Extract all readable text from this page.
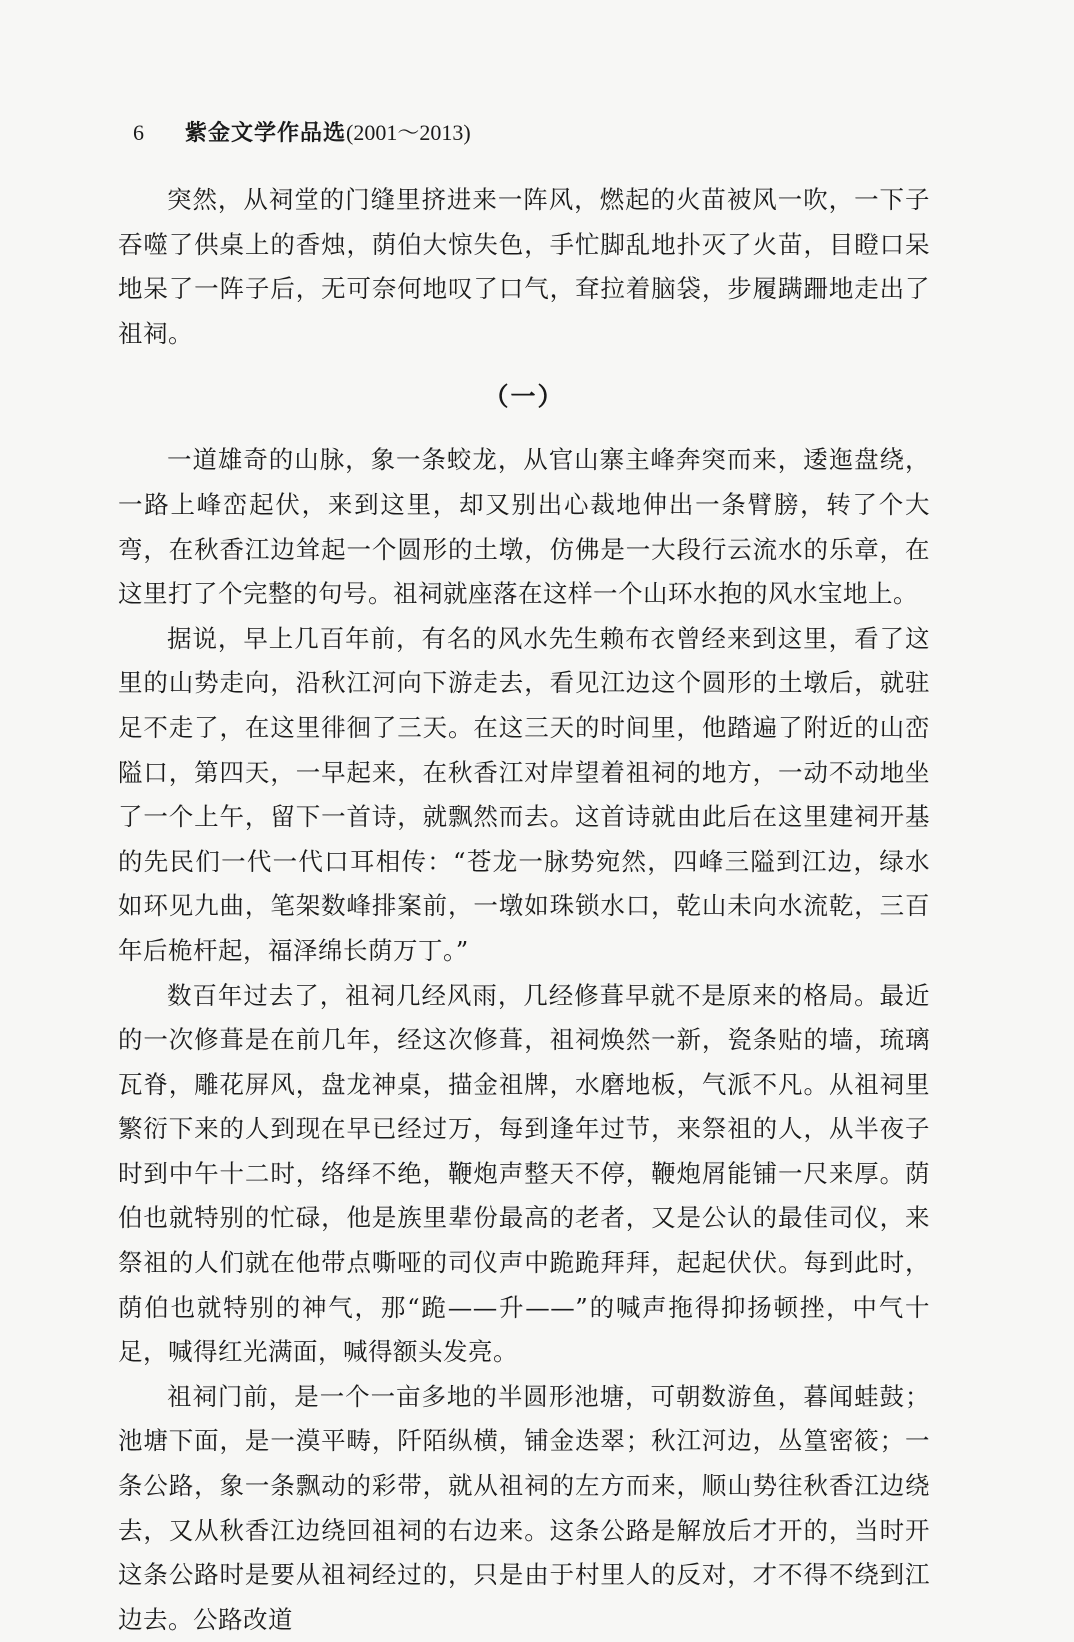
6 紫金文学作品选(2001～2013)

突然，从祠堂的门缝里挤进来一阵风，燃起的火苗被风一吹，一下子吞噬了供桌上的香烛，荫伯大惊失色，手忙脚乱地扑灭了火苗，目瞪口呆地呆了一阵子后，无可奈何地叹了口气，耷拉着脑袋，步履蹒跚地走出了祖祠。

（一）

一道雄奇的山脉，象一条蛟龙，从官山寨主峰奔突而来，逶迤盘绕，一路上峰峦起伏，来到这里，却又别出心裁地伸出一条臂膀，转了个大弯，在秋香江边耸起一个圆形的土墩，仿佛是一大段行云流水的乐章，在这里打了个完整的句号。祖祠就座落在这样一个山环水抱的风水宝地上。

据说，早上几百年前，有名的风水先生赖布衣曾经来到这里，看了这里的山势走向，沿秋江河向下游走去，看见江边这个圆形的土墩后，就驻足不走了，在这里徘徊了三天。在这三天的时间里，他踏遍了附近的山峦隘口，第四天，一早起来，在秋香江对岸望着祖祠的地方，一动不动地坐了一个上午，留下一首诗，就飘然而去。这首诗就由此后在这里建祠开基的先民们一代一代口耳相传：“苍龙一脉势宛然，四峰三隘到江边，绿水如环见九曲，笔架数峰排案前，一墩如珠锁水口，乾山未向水流乾，三百年后桅杆起，福泽绵长荫万丁。”

数百年过去了，祖祠几经风雨，几经修葺早就不是原来的格局。最近的一次修葺是在前几年，经这次修葺，祖祠焕然一新，瓷条贴的墙，琉璃瓦脊，雕花屏风，盘龙神桌，描金祖牌，水磨地板，气派不凡。从祖祠里繁衍下来的人到现在早已经过万，每到逢年过节，来祭祖的人，从半夜子时到中午十二时，络绎不绝，鞭炮声整天不停，鞭炮屑能铺一尺来厚。荫伯也就特别的忙碌，他是族里辈份最高的老者，又是公认的最佳司仪，来祭祖的人们就在他带点嘶哑的司仪声中跪跪拜拜，起起伏伏。每到此时，荫伯也就特别的神气，那“跪——升——”的喊声拖得抑扬顿挫，中气十足，喊得红光满面，喊得额头发亮。

祖祠门前，是一个一亩多地的半圆形池塘，可朝数游鱼，暮闻蛙鼓；池塘下面，是一漠平畴，阡陌纵横，铺金迭翠；秋江河边，丛篁密筱；一条公路，象一条飘动的彩带，就从祖祠的左方而来，顺山势往秋香江边绕去，又从秋香江边绕回祖祠的右边来。这条公路是解放后才开的，当时开这条公路时是要从祖祠经过的，只是由于村里人的反对，才不得不绕到江边去。公路改道
